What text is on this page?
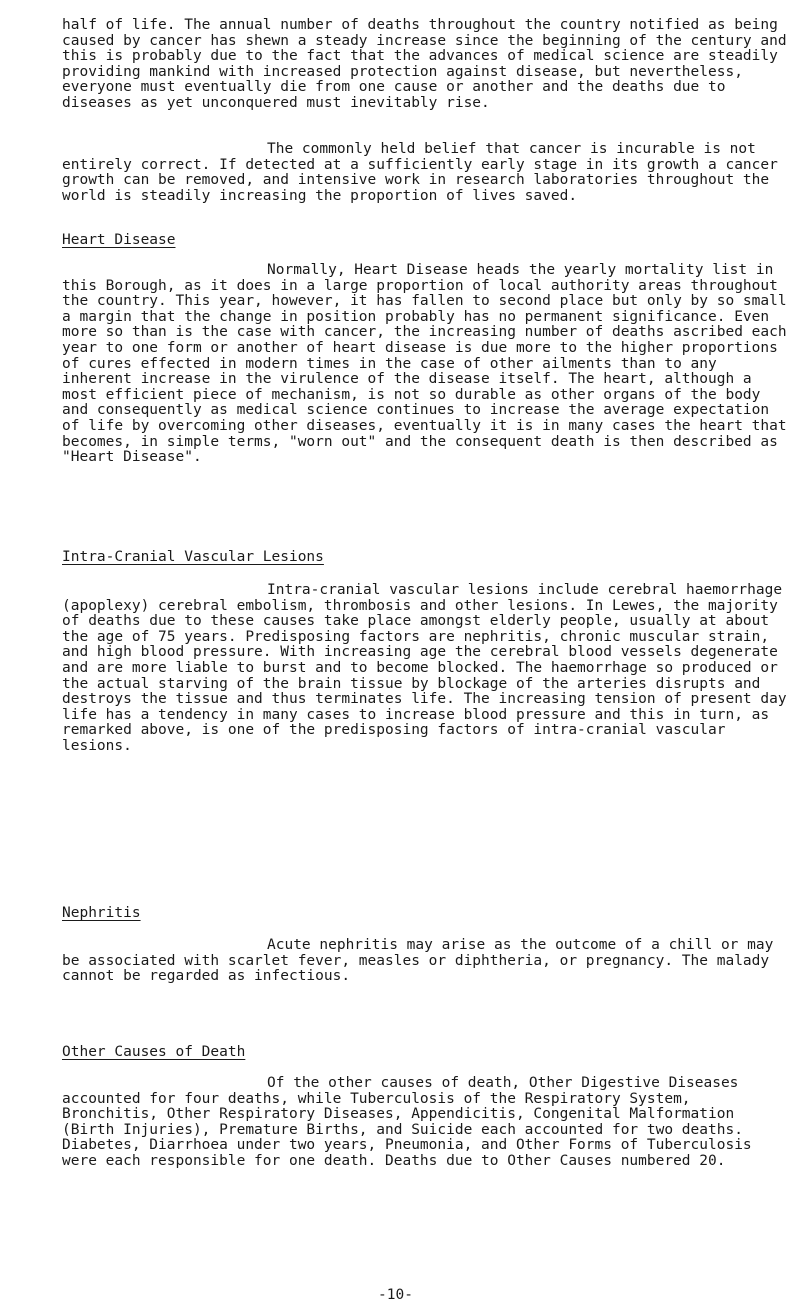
half of life. The annual number of deaths throughout the country notified as being caused by cancer has shewn a steady increase since the beginning of the century and this is probably due to the fact that the advances of medical science are steadily providing mankind with increased protection against disease, but nevertheless, everyone must eventually die from one cause or another and the deaths due to diseases as yet unconquered must inevitably rise.

The commonly held belief that cancer is incurable is not entirely correct. If detected at a sufficiently early stage in its growth a cancer growth can be removed, and intensive work in research laboratories throughout the world is steadily increasing the proportion of lives saved.

Heart Disease

Normally, Heart Disease heads the yearly mortality list in this Borough, as it does in a large proportion of local authority areas throughout the country. This year, however, it has fallen to second place but only by so small a margin that the change in position probably has no permanent significance. Even more so than is the case with cancer, the increasing number of deaths ascribed each year to one form or another of heart disease is due more to the higher proportions of cures effected in modern times in the case of other ailments than to any inherent increase in the virulence of the disease itself. The heart, although a most efficient piece of mechanism, is not so durable as other organs of the body and consequently as medical science continues to increase the average expectation of life by overcoming other diseases, eventually it is in many cases the heart that becomes, in simple terms, "worn out" and the consequent death is then described as "Heart Disease".

Intra-Cranial Vascular Lesions

Intra-cranial vascular lesions include cerebral haemorrhage (apoplexy) cerebral embolism, thrombosis and other lesions. In Lewes, the majority of deaths due to these causes take place amongst elderly people, usually at about the age of 75 years. Predisposing factors are nephritis, chronic muscular strain, and high blood pressure. With increasing age the cerebral blood vessels degenerate and are more liable to burst and to become blocked. The haemorrhage so produced or the actual starving of the brain tissue by blockage of the arteries disrupts and destroys the tissue and thus terminates life. The increasing tension of present day life has a tendency in many cases to increase blood pressure and this in turn, as remarked above, is one of the predisposing factors of intra-cranial vascular lesions.

Nephritis

Acute nephritis may arise as the outcome of a chill or may be associated with scarlet fever, measles or diphtheria, or pregnancy. The malady cannot be regarded as infectious.

Other Causes of Death

Of the other causes of death, Other Digestive Diseases accounted for four deaths, while Tuberculosis of the Respiratory System, Bronchitis, Other Respiratory Diseases, Appendicitis, Congenital Malformation (Birth Injuries), Premature Births, and Suicide each accounted for two deaths. Diabetes, Diarrhoea under two years, Pneumonia, and Other Forms of Tuberculosis were each responsible for one death. Deaths due to Other Causes numbered 20.

-10-
